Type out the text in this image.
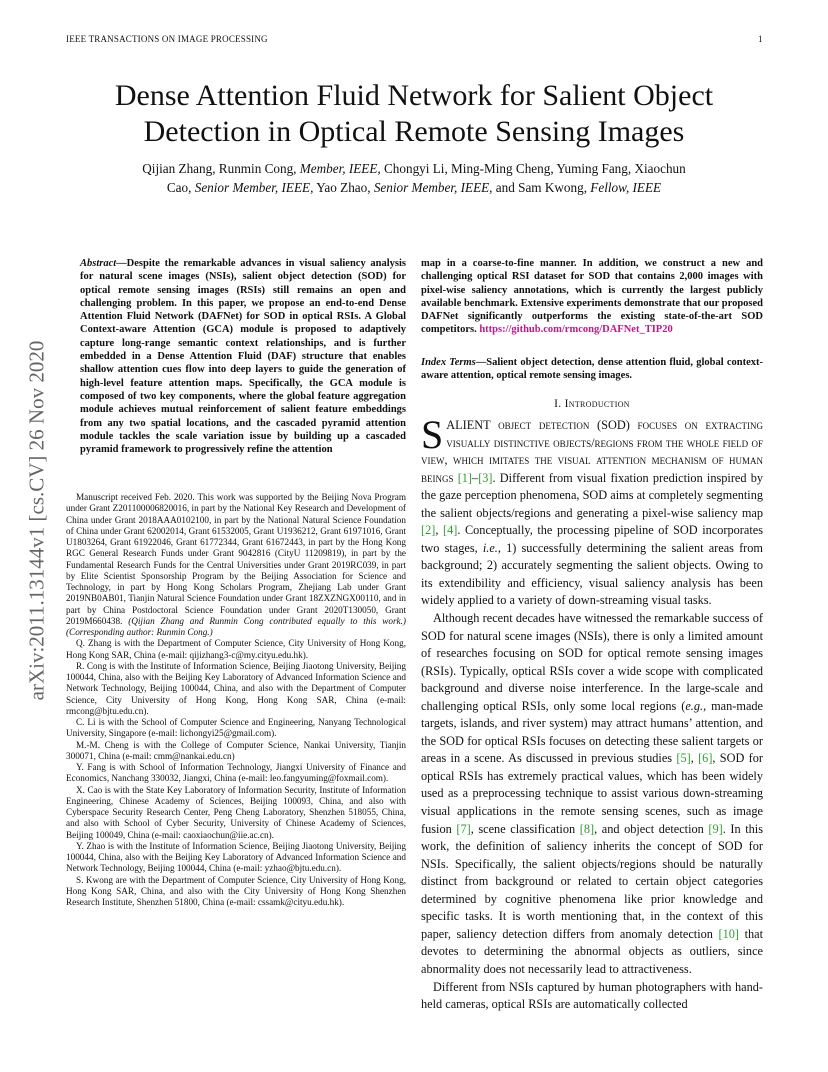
IEEE TRANSACTIONS ON IMAGE PROCESSING	1
arXiv:2011.13144v1 [cs.CV] 26 Nov 2020
Dense Attention Fluid Network for Salient Object
Detection in Optical Remote Sensing Images
Qijian Zhang, Runmin Cong, Member, IEEE, Chongyi Li, Ming-Ming Cheng, Yuming Fang, Xiaochun
Cao, Senior Member, IEEE, Yao Zhao, Senior Member, IEEE, and Sam Kwong, Fellow, IEEE
Abstract—Despite the remarkable advances in visual saliency analysis for natural scene images (NSIs), salient object detection (SOD) for optical remote sensing images (RSIs) still remains an open and challenging problem. In this paper, we propose an end-to-end Dense Attention Fluid Network (DAFNet) for SOD in optical RSIs. A Global Context-aware Attention (GCA) module is proposed to adaptively capture long-range semantic context relationships, and is further embedded in a Dense Attention Fluid (DAF) structure that enables shallow attention cues flow into deep layers to guide the generation of high-level feature attention maps. Specifically, the GCA module is composed of two key components, where the global feature aggregation module achieves mutual reinforcement of salient feature embeddings from any two spatial locations, and the cascaded pyramid attention module tackles the scale variation issue by building up a cascaded pyramid framework to progressively refine the attention
map in a coarse-to-fine manner. In addition, we construct a new and challenging optical RSI dataset for SOD that contains 2,000 images with pixel-wise saliency annotations, which is currently the largest publicly available benchmark. Extensive experiments demonstrate that our proposed DAFNet significantly outperforms the existing state-of-the-art SOD competitors. https://github.com/rmcong/DAFNet_TIP20
Index Terms—Salient object detection, dense attention fluid, global context-aware attention, optical remote sensing images.

Manuscript received Feb. 2020. This work was supported by the Beijing Nova Program under Grant Z201100006820016, in part by the National Key Research and Development of China under Grant 2018AAA0102100, in part by the National Natural Science Foundation of China under Grant 62002014, Grant 61532005, Grant U1936212, Grant 61971016, Grant U1803264, Grant 61922046, Grant 61772344, Grant 61672443, in part by the Hong Kong RGC General Research Funds under Grant 9042816 (CityU 11209819), in part by the Fundamental Research Funds for the Central Universities under Grant 2019RC039, in part by Elite Scientist Sponsorship Program by the Beijing Association for Science and Technology, in part by Hong Kong Scholars Program, Zhejiang Lab under Grant 2019NB0AB01, Tianjin Natural Science Foundation under Grant 18ZXZNGX00110, and in part by China Postdoctoral Science Foundation under Grant 2020T130050, Grant 2019M660438. (Qijian Zhang and Runmin Cong contributed equally to this work.) (Corresponding author: Runmin Cong.)

Q. Zhang is with the Department of Computer Science, City University of Hong Kong, Hong Kong SAR, China (e-mail: qijizhang3-c@my.cityu.edu.hk).

R. Cong is with the Institute of Information Science, Beijing Jiaotong University, Beijing 100044, China, also with the Beijing Key Laboratory of Advanced Information Science and Network Technology, Beijing 100044, China, and also with the Department of Computer Science, City University of Hong Kong, Hong Kong SAR, China (e-mail: rmcong@bjtu.edu.cn).

C. Li is with the School of Computer Science and Engineering, Nanyang Technological University, Singapore (e-mail: lichongyi25@gmail.com).

M.-M. Cheng is with the College of Computer Science, Nankai University, Tianjin 300071, China (e-mail: cmm@nankai.edu.cn)

Y. Fang is with School of Information Technology, Jiangxi University of Finance and Economics, Nanchang 330032, Jiangxi, China (e-mail: leo.fangyuming@foxmail.com).

X. Cao is with the State Key Laboratory of Information Security, Institute of Information Engineering, Chinese Academy of Sciences, Beijing 100093, China, and also with Cyberspace Security Research Center, Peng Cheng Laboratory, Shenzhen 518055, China, and also with School of Cyber Security, University of Chinese Academy of Sciences, Beijing 100049, China (e-mail: caoxiaochun@iie.ac.cn).

Y. Zhao is with the Institute of Information Science, Beijing Jiaotong University, Beijing 100044, China, also with the Beijing Key Laboratory of Advanced Information Science and Network Technology, Beijing 100044, China (e-mail: yzhao@bjtu.edu.cn).

S. Kwong are with the Department of Computer Science, City University of Hong Kong, Hong Kong SAR, China, and also with the City University of Hong Kong Shenzhen Research Institute, Shenzhen 51800, China (e-mail: cssamk@cityu.edu.hk).

I. Introduction

SALIENT object detection (SOD) focuses on extracting visually distinctive objects/regions from the whole field of view, which imitates the visual attention mechanism of human beings [1]–[3]. Different from visual fixation prediction inspired by the gaze perception phenomena, SOD aims at completely segmenting the salient objects/regions and generating a pixel-wise saliency map [2], [4]. Conceptually, the processing pipeline of SOD incorporates two stages, i.e., 1) successfully determining the salient areas from background; 2) accurately segmenting the salient objects. Owing to its extendibility and efficiency, visual saliency analysis has been widely applied to a variety of down-streaming visual tasks.

Although recent decades have witnessed the remarkable success of SOD for natural scene images (NSIs), there is only a limited amount of researches focusing on SOD for optical remote sensing images (RSIs). Typically, optical RSIs cover a wide scope with complicated background and diverse noise interference. In the large-scale and challenging optical RSIs, only some local regions (e.g., man-made targets, islands, and river system) may attract humans’ attention, and the SOD for optical RSIs focuses on detecting these salient targets or areas in a scene. As discussed in previous studies [5], [6], SOD for optical RSIs has extremely practical values, which has been widely used as a preprocessing technique to assist various down-streaming visual applications in the remote sensing scenes, such as image fusion [7], scene classification [8], and object detection [9]. In this work, the definition of saliency inherits the concept of SOD for NSIs. Specifically, the salient objects/regions should be naturally distinct from background or related to certain object categories determined by cognitive phenomena like prior knowledge and specific tasks. It is worth mentioning that, in the context of this paper, saliency detection differs from anomaly detection [10] that devotes to determining the abnormal objects as outliers, since abnormality does not necessarily lead to attractiveness.

Different from NSIs captured by human photographers with hand-held cameras, optical RSIs are automatically collected
